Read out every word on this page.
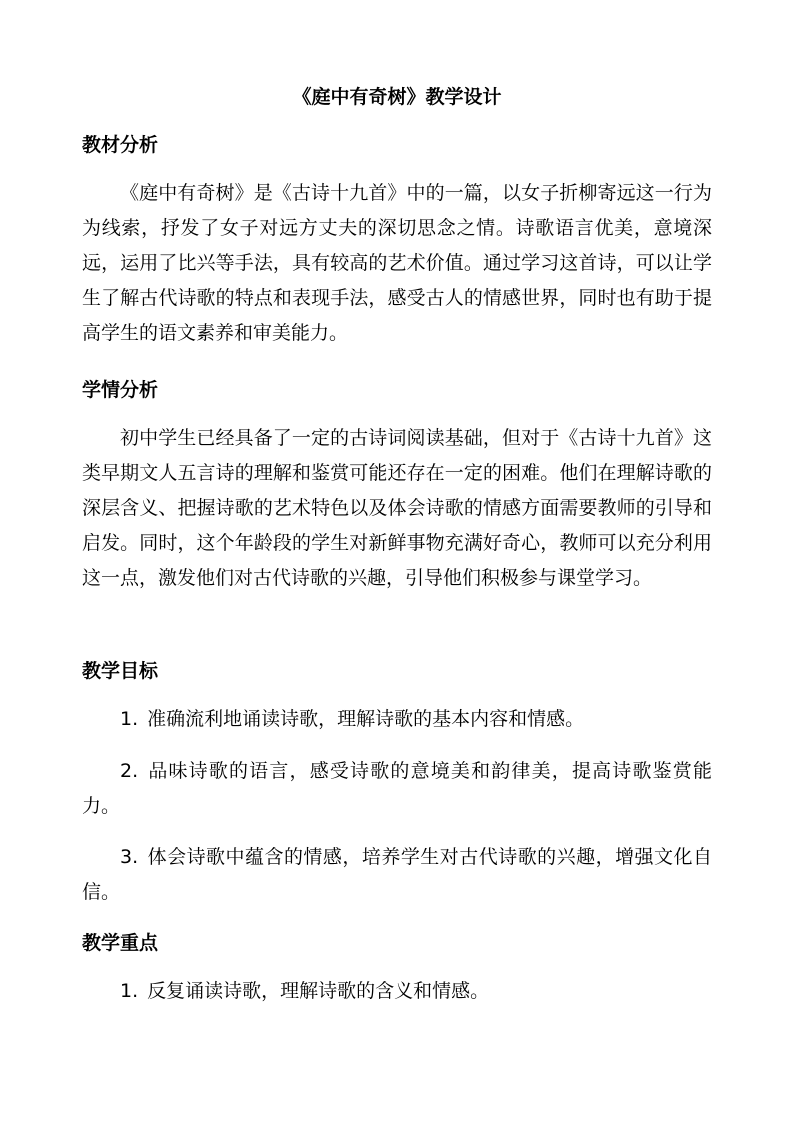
《庭中有奇树》教学设计
教材分析
《庭中有奇树》是《古诗十九首》中的一篇，以女子折柳寄远这一行为为线索，抒发了女子对远方丈夫的深切思念之情。诗歌语言优美，意境深远，运用了比兴等手法，具有较高的艺术价值。通过学习这首诗，可以让学生了解古代诗歌的特点和表现手法，感受古人的情感世界，同时也有助于提高学生的语文素养和审美能力。
学情分析
初中学生已经具备了一定的古诗词阅读基础，但对于《古诗十九首》这类早期文人五言诗的理解和鉴赏可能还存在一定的困难。他们在理解诗歌的深层含义、把握诗歌的艺术特色以及体会诗歌的情感方面需要教师的引导和启发。同时，这个年龄段的学生对新鲜事物充满好奇心，教师可以充分利用这一点，激发他们对古代诗歌的兴趣，引导他们积极参与课堂学习。
教学目标
1. 准确流利地诵读诗歌，理解诗歌的基本内容和情感。
2. 品味诗歌的语言，感受诗歌的意境美和韵律美，提高诗歌鉴赏能力。
3. 体会诗歌中蕴含的情感，培养学生对古代诗歌的兴趣，增强文化自信。
教学重点
1. 反复诵读诗歌，理解诗歌的含义和情感。
